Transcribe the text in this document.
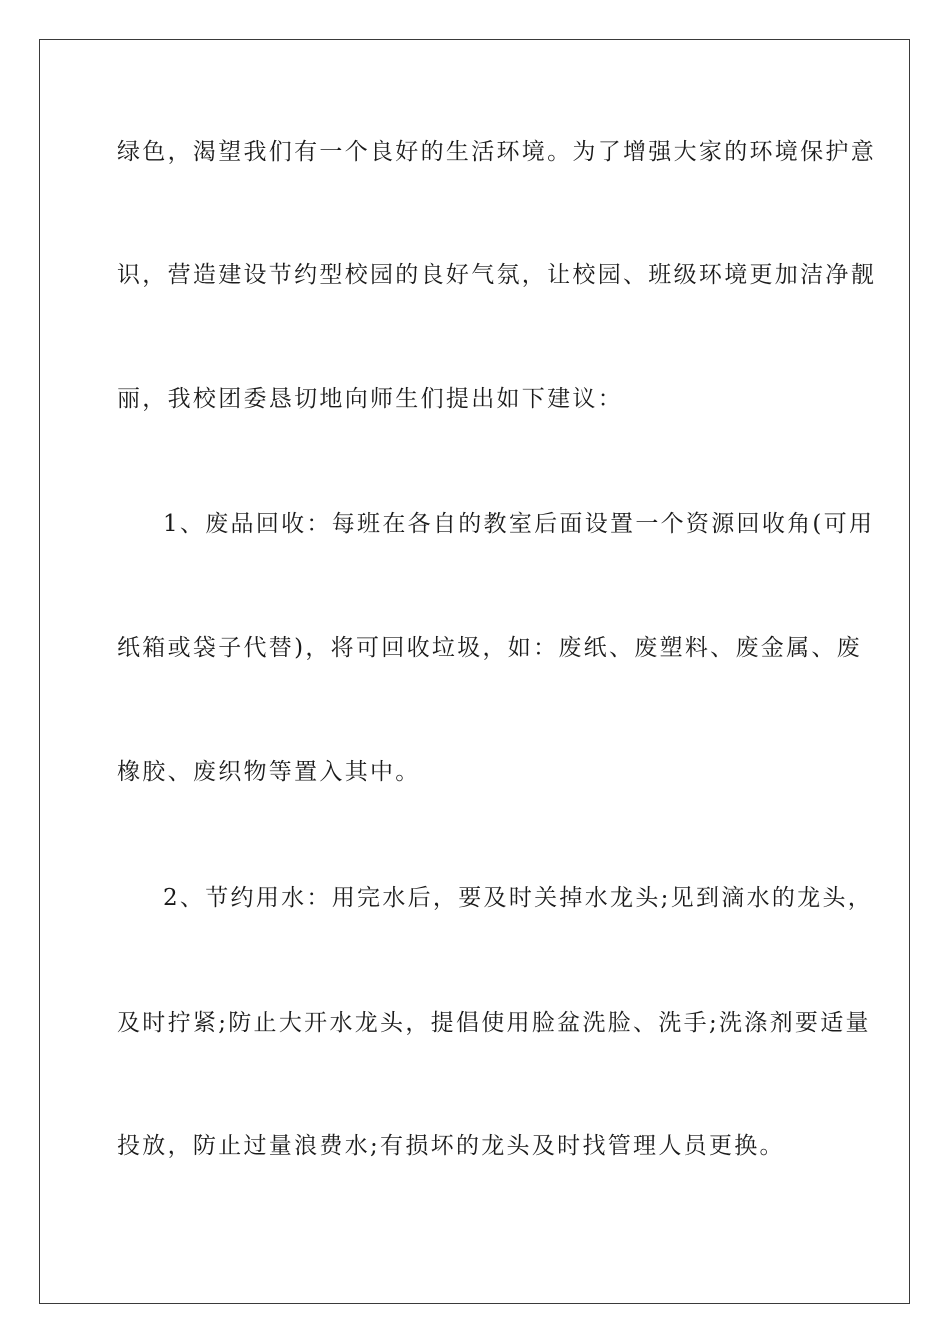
绿色，渴望我们有一个良好的生活环境。为了增强大家的环境保护意
识，营造建设节约型校园的良好气氛，让校园、班级环境更加洁净靓
丽，我校团委恳切地向师生们提出如下建议：
1、废品回收：每班在各自的教室后面设置一个资源回收角(可用
纸箱或袋子代替)，将可回收垃圾，如：废纸、废塑料、废金属、废
橡胶、废织物等置入其中。
2、节约用水：用完水后，要及时关掉水龙头;见到滴水的龙头，
及时拧紧;防止大开水龙头，提倡使用脸盆洗脸、洗手;洗涤剂要适量
投放，防止过量浪费水;有损坏的龙头及时找管理人员更换。
